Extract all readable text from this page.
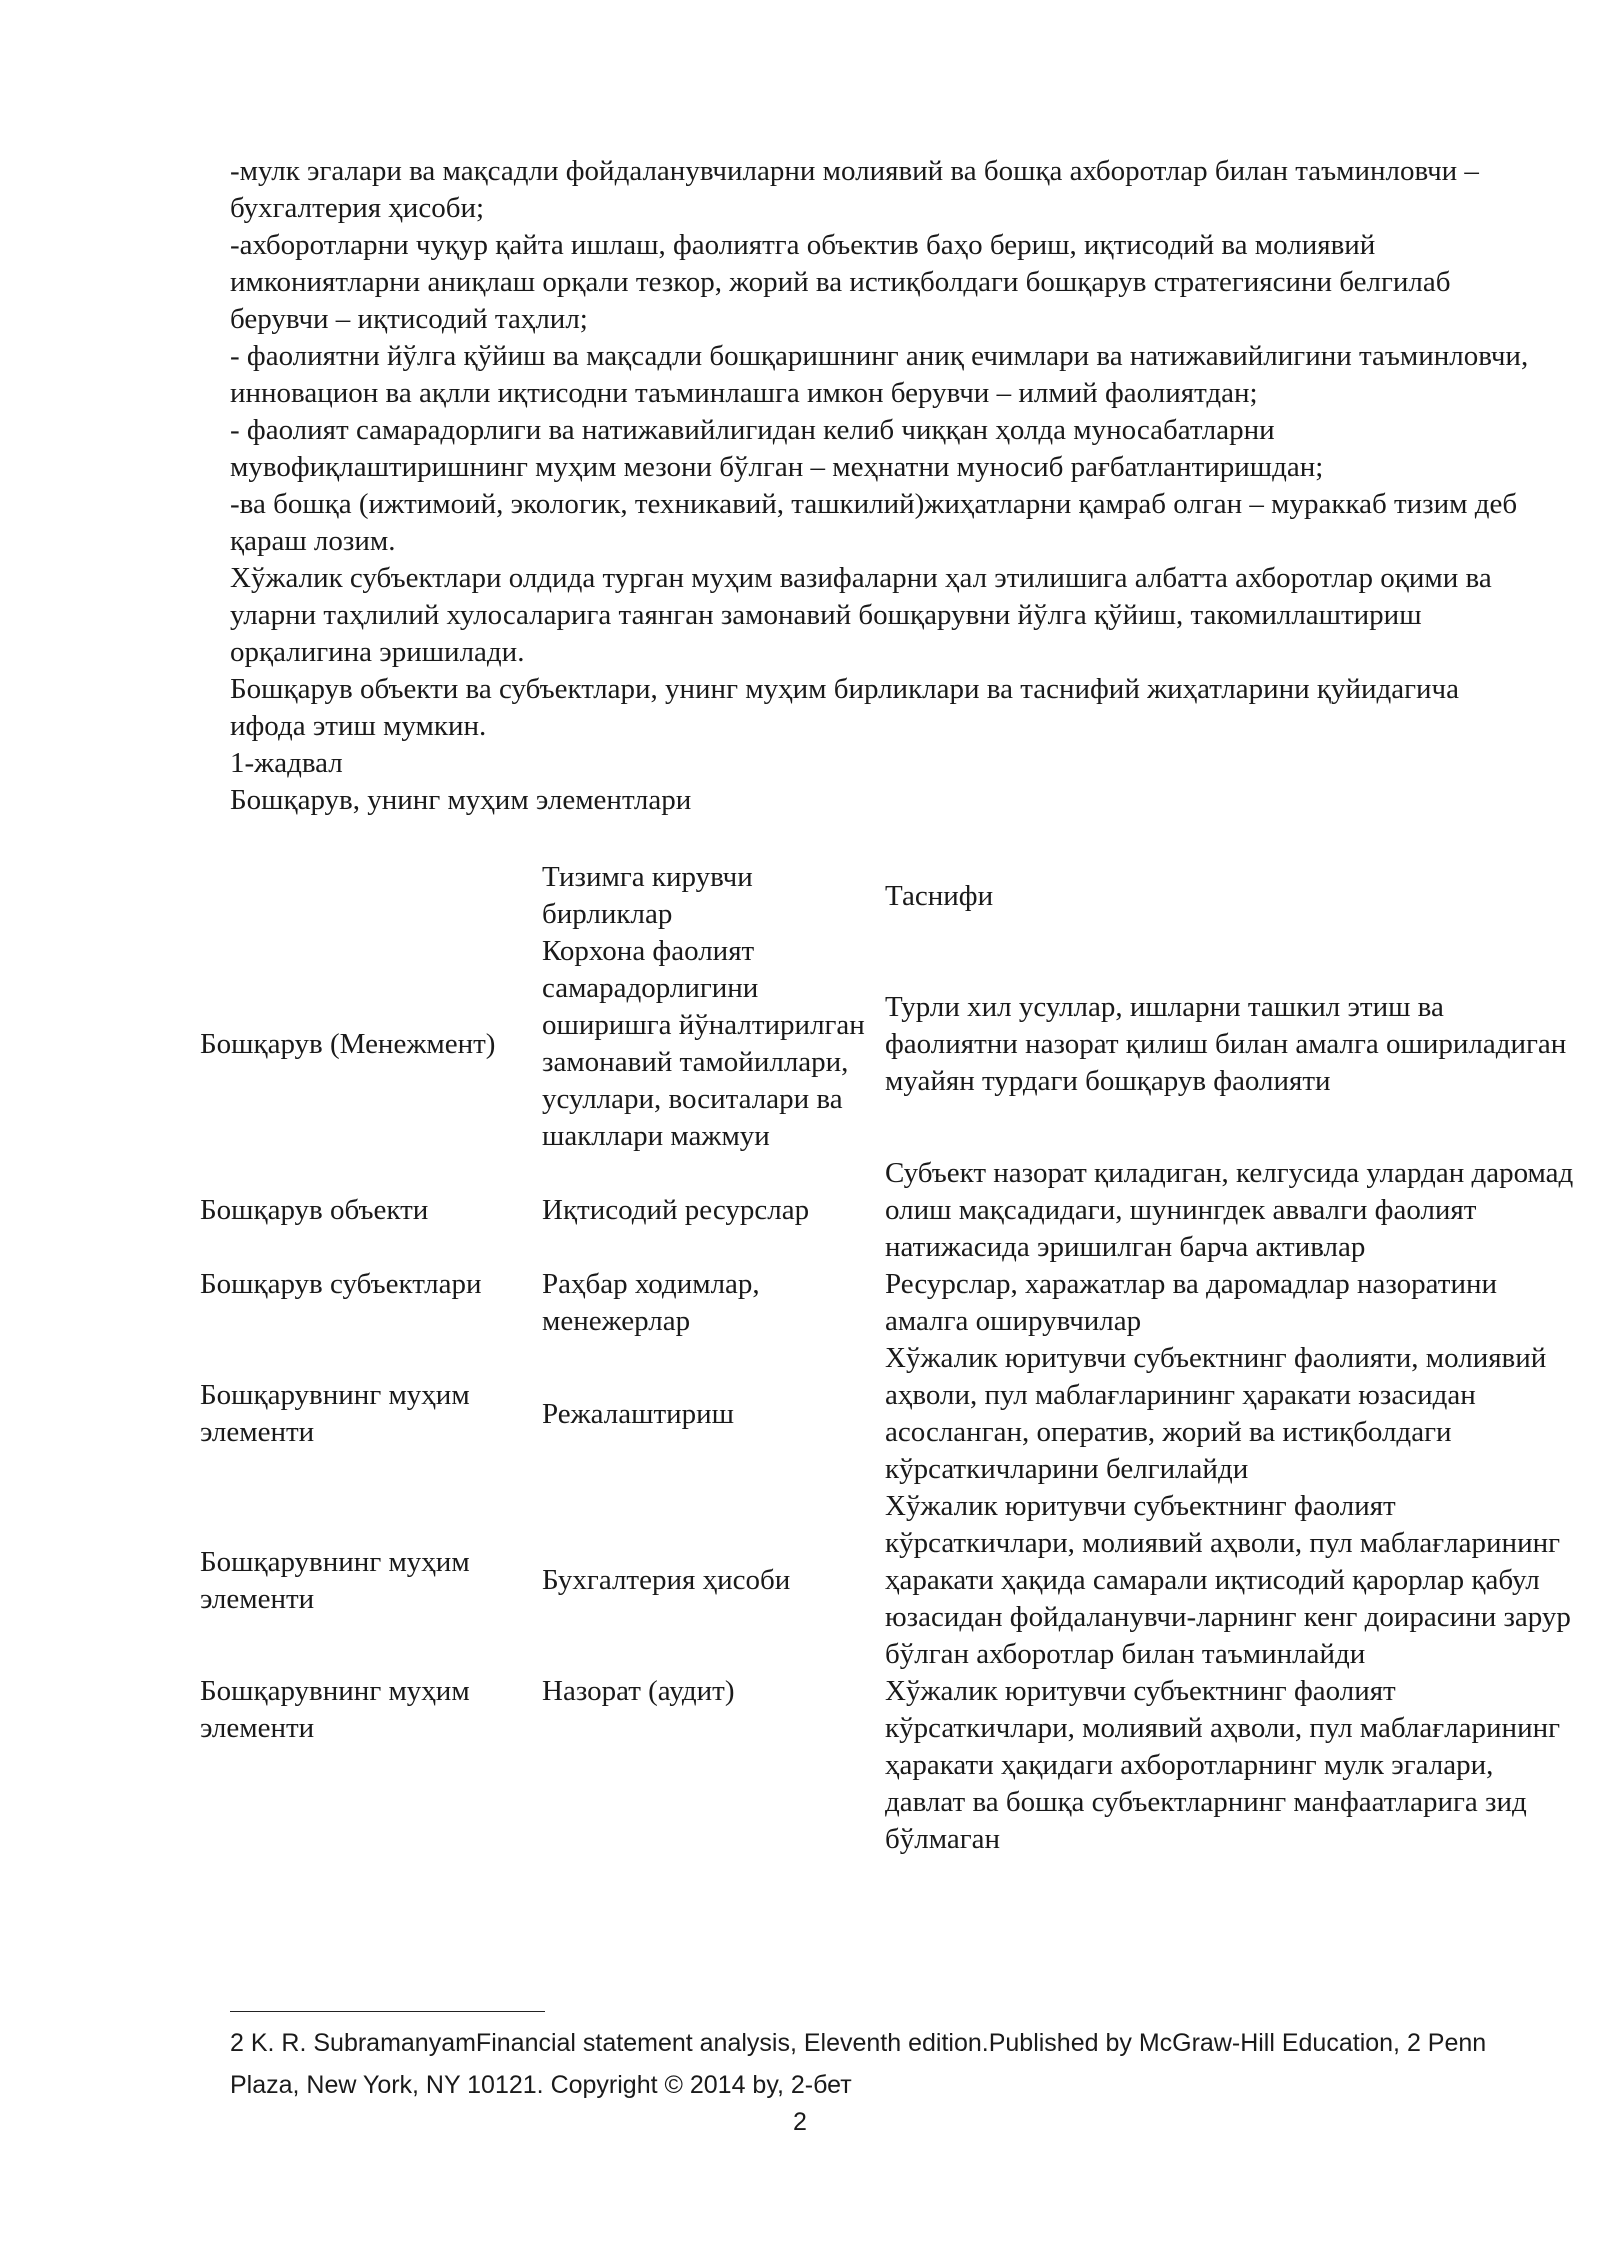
-мулк эгалари ва мақсадли фойдаланувчиларни молиявий ва бошқа ахборотлар билан таъминловчи – бухгалтерия ҳисоби;

-ахборотларни чуқур қайта ишлаш, фаолиятга объектив баҳо бериш, иқтисодий ва молиявий имкониятларни аниқлаш орқали тезкор, жорий ва истиқболдаги бошқарув стратегиясини белгилаб берувчи – иқтисодий таҳлил;

- фаолиятни йўлга қўйиш ва мақсадли бошқаришнинг аниқ ечимлари ва натижавийлигини таъминловчи, инновацион ва ақлли иқтисодни таъминлашга имкон берувчи – илмий фаолиятдан;

- фаолият самарадорлиги ва натижавийлигидан келиб чиққан ҳолда муносабатларни мувофиқлаштиришнинг муҳим мезони бўлган – меҳнатни муносиб рағбатлантиришдан;

-ва бошқа (ижтимоий, экологик, техникавий, ташкилий)жиҳатларни қамраб олган – мураккаб тизим деб қараш лозим.

Хўжалик субъектлари олдида турган муҳим вазифаларни ҳал этилишига албатта ахборотлар оқими ва уларни таҳлилий хулосаларига таянган замонавий бошқарувни йўлга қўйиш, такомиллаштириш орқалигина эришилади.

Бошқарув объекти ва субъектлари, унинг муҳим бирликлари ва таснифий жиҳатларини қуйидагича ифода этиш мумкин.

1-жадвал

Бошқарув, унинг муҳим элементлари

	Тизимга кирувчи бирликлар	Таснифи
Бошқарув (Менежмент)	Корхона фаолият самарадорлигини оширишга йўналтирилган замонавий тамойиллари, усуллари, воситалари ва шакллари мажмуи	Турли хил усуллар, ишларни ташкил этиш ва фаолиятни назорат қилиш билан амалга ошириладиган муайян турдаги бошқарув фаолияти
Бошқарув объекти	Иқтисодий ресурслар	Субъект назорат қиладиган, келгусида улардан даромад олиш мақсадидаги, шунингдек аввалги фаолият натижасида эришилган барча активлар
Бошқарув субъектлари	Раҳбар ходимлар, менежерлар	Ресурслар, харажатлар ва даромадлар назоратини амалга оширувчилар
Бошқарувнинг муҳим элементи	Режалаштириш	Хўжалик юритувчи субъектнинг фаолияти, молиявий аҳволи, пул маблағларининг ҳаракати юзасидан асосланган, оператив, жорий ва истиқболдаги кўрсаткичларини белгилайди
Бошқарувнинг муҳим элементи	Бухгалтерия ҳисоби	Хўжалик юритувчи субъектнинг фаолият кўрсаткичлари, молиявий аҳволи, пул маблағларининг ҳаракати ҳақида самарали иқтисодий қарорлар қабул юзасидан фойдаланувчи-ларнинг кенг доирасини зарур бўлган ахборотлар билан таъминлайди
Бошқарувнинг муҳим элементи	Назорат (аудит)	Хўжалик юритувчи субъектнинг фаолият кўрсаткичлари, молиявий аҳволи, пул маблағларининг ҳаракати ҳақидаги ахборотларнинг мулк эгалари, давлат ва бошқа субъектларнинг манфаатларига зид бўлмаган
2 K. R. SubramanyamFinancial statement analysis, Eleventh edition.Published by McGraw-Hill Education, 2 Penn Plaza, New York, NY 10121. Copyright © 2014 by, 2-бет
2
